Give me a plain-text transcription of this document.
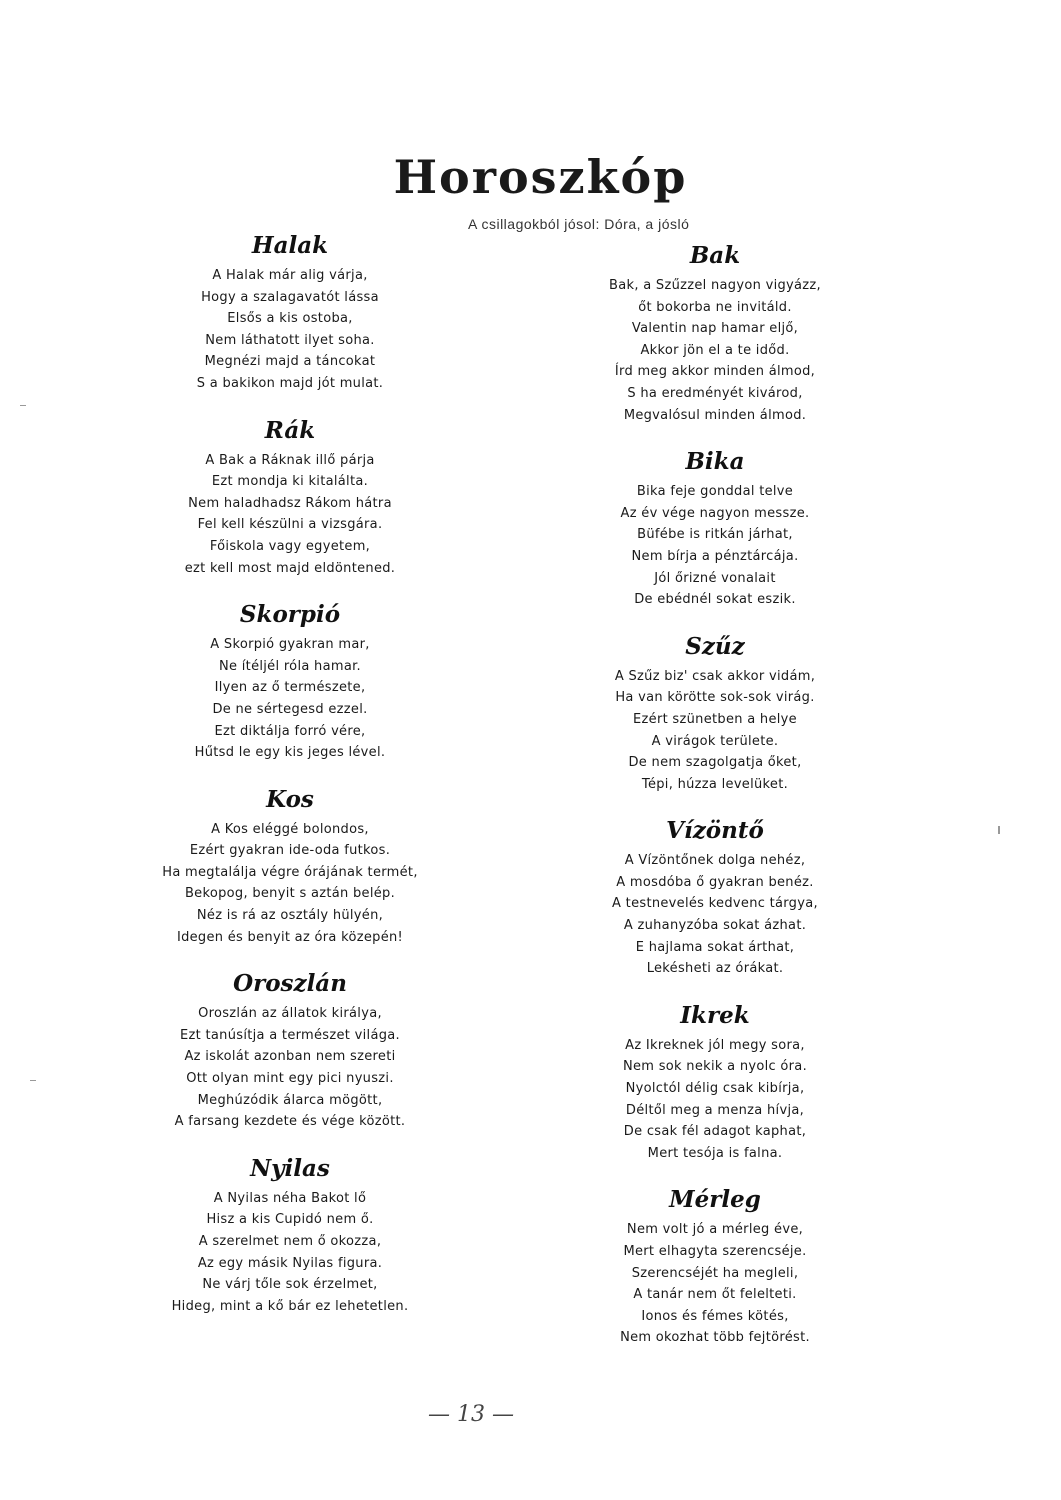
Horoszkóp
A csillagokból jósol: Dóra, a jósló
Halak
A Halak már alig várja,
Hogy a szalagavatót lássa
Elsős a kis ostoba,
Nem láthatott ilyet soha.
Megnézi majd a táncokat
S a bakikon majd jót mulat.
Rák
A Bak a Ráknak illő párja
Ezt mondja ki kitalálta.
Nem haladhadsz Rákom hátra
Fel kell készülni a vizsgára.
Főiskola vagy egyetem,
ezt kell most majd eldöntened.
Skorpió
A Skorpió gyakran mar,
Ne ítéljél róla hamar.
Ilyen az ő természete,
De ne sértegesd ezzel.
Ezt diktálja forró vére,
Hűtsd le egy kis jeges lével.
Kos
A Kos eléggé bolondos,
Ezért gyakran ide-oda futkos.
Ha megtalálja végre órájának termét,
Bekopog, benyit s aztán belép.
Néz is rá az osztály hülyén,
Idegen és benyit az óra közepén!
Oroszlán
Oroszlán az állatok királya,
Ezt tanúsítja a természet világa.
Az iskolát azonban nem szereti
Ott olyan mint egy pici nyuszi.
Meghúzódik álarca mögött,
A farsang kezdete és vége között.
Nyilas
A Nyilas néha Bakot lő
Hisz a kis Cupidó nem ő.
A szerelmet nem ő okozza,
Az egy másik Nyilas figura.
Ne várj tőle sok érzelmet,
Hideg, mint a kő bár ez lehetetlen.
Bak
Bak, a Szűzzel nagyon vigyázz,
őt bokorba ne invitáld.
Valentin nap hamar eljő,
Akkor jön el a te időd.
Írd meg akkor minden álmod,
S ha eredményét kivárod,
Megvalósul minden álmod.
Bika
Bika feje gonddal telve
Az év vége nagyon messze.
Büfébe is ritkán járhat,
Nem bírja a pénztárcája.
Jól őrizné vonalait
De ebédnél sokat eszik.
Szűz
A Szűz biz' csak akkor vidám,
Ha van körötte sok-sok virág.
Ezért szünetben a helye
A virágok területe.
De nem szagolgatja őket,
Tépi, húzza levelüket.
Vízöntő
A Vízöntőnek dolga nehéz,
A mosdóba ő gyakran benéz.
A testnevelés kedvenc tárgya,
A zuhanyzóba sokat ázhat.
E hajlama sokat árthat,
Lekésheti az órákat.
Ikrek
Az Ikreknek jól megy sora,
Nem sok nekik a nyolc óra.
Nyolctól délig csak kibírja,
Déltől meg a menza hívja,
De csak fél adagot kaphat,
Mert tesója is falna.
Mérleg
Nem volt jó a mérleg éve,
Mert elhagyta szerencséje.
Szerencséjét ha megleli,
A tanár nem őt felelteti.
Ionos és fémes kötés,
Nem okozhat több fejtörést.
— 13 —
